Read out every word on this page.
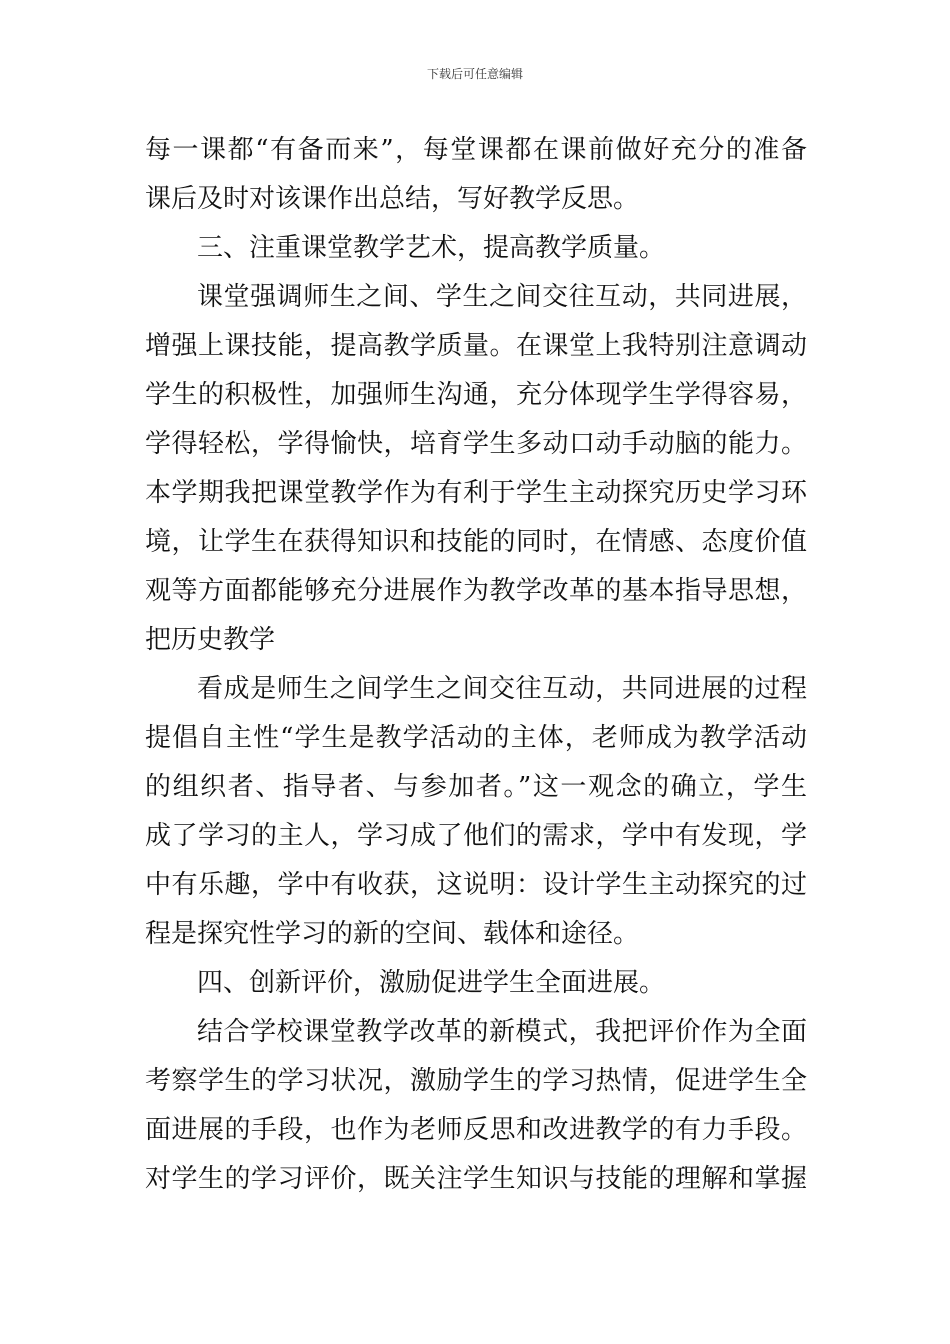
下载后可任意编辑
每一课都“有备而来”，每堂课都在课前做好充分的准备
课后及时对该课作出总结，写好教学反思。
三、注重课堂教学艺术，提高教学质量。
课堂强调师生之间、学生之间交往互动，共同进展，
增强上课技能，提高教学质量。在课堂上我特别注意调动
学生的积极性，加强师生沟通，充分体现学生学得容易，
学得轻松，学得愉快，培育学生多动口动手动脑的能力。
本学期我把课堂教学作为有利于学生主动探究历史学习环
境，让学生在获得知识和技能的同时，在情感、态度价值
观等方面都能够充分进展作为教学改革的基本指导思想，
把历史教学
看成是师生之间学生之间交往互动，共同进展的过程
提倡自主性“学生是教学活动的主体，老师成为教学活动
的组织者、指导者、与参加者。”这一观念的确立，学生
成了学习的主人，学习成了他们的需求，学中有发现，学
中有乐趣，学中有收获，这说明：设计学生主动探究的过
程是探究性学习的新的空间、载体和途径。
四、创新评价，激励促进学生全面进展。
结合学校课堂教学改革的新模式，我把评价作为全面
考察学生的学习状况，激励学生的学习热情，促进学生全
面进展的手段，也作为老师反思和改进教学的有力手段。
对学生的学习评价，既关注学生知识与技能的理解和掌握
